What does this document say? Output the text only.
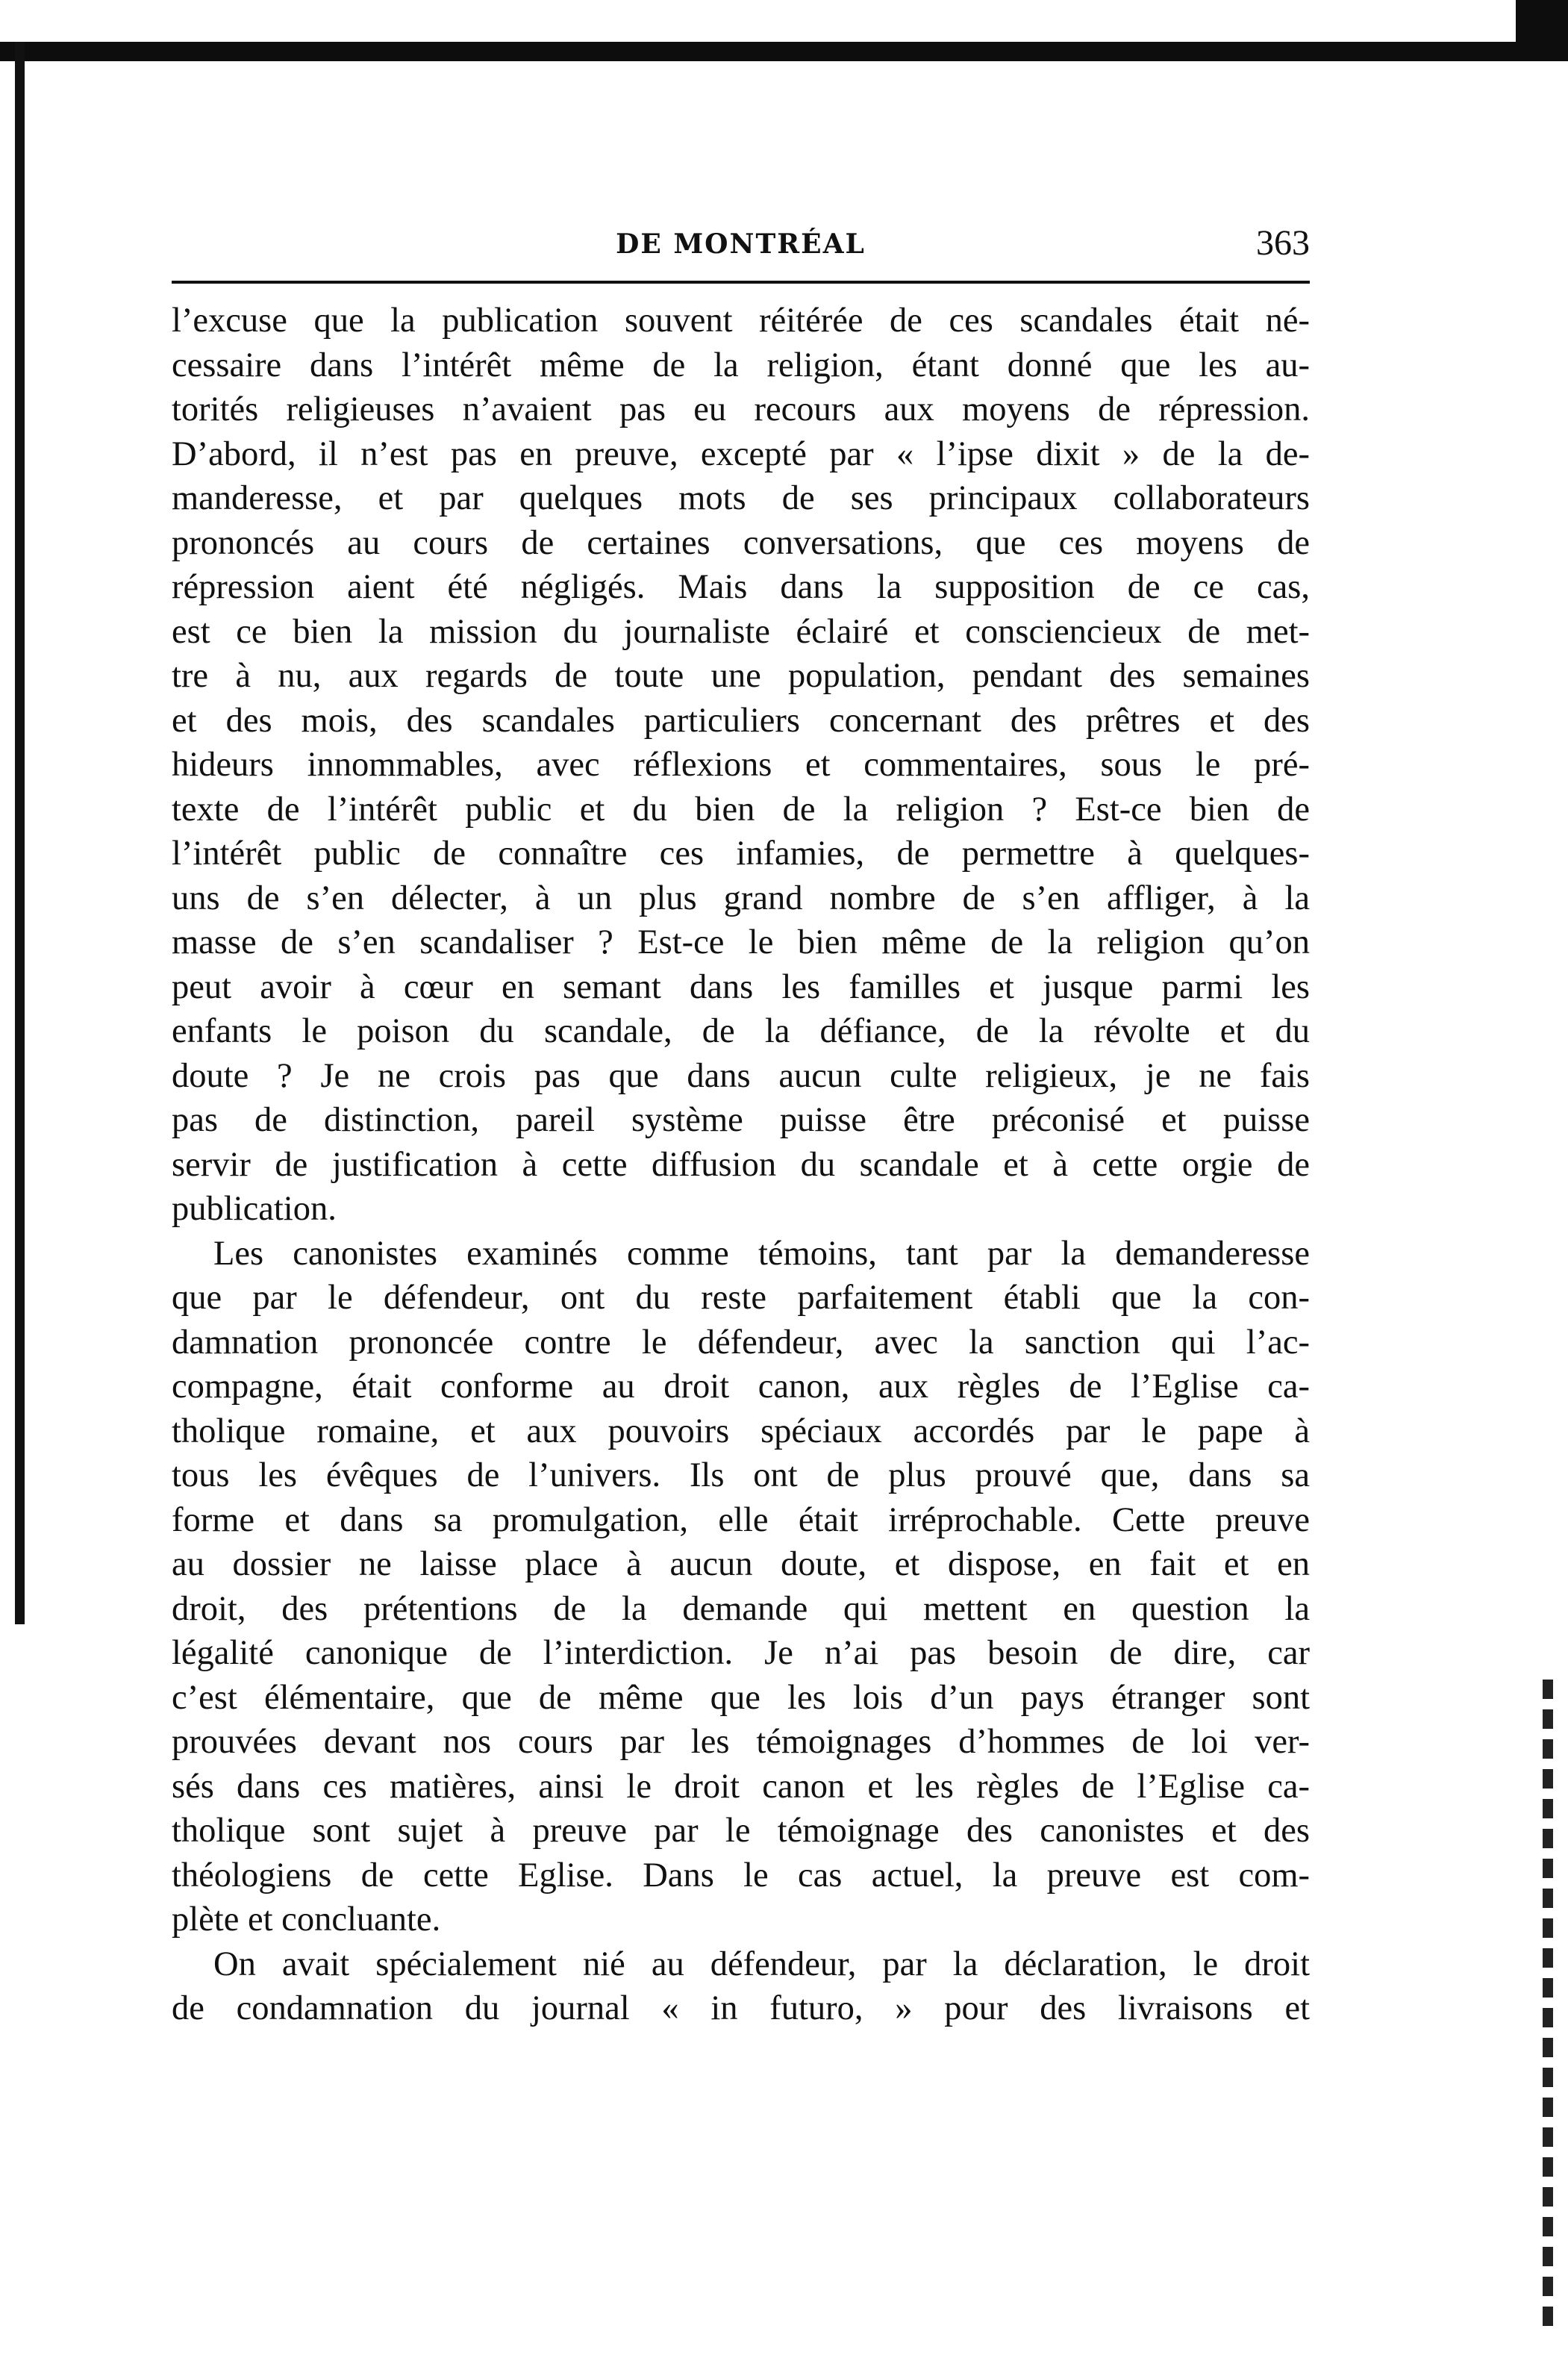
DE MONTRÉAL	363
l’excuse que la publication souvent réitérée de ces scandales était né-
cessaire dans l’intérêt même de la religion, étant donné que les au-
torités religieuses n’avaient pas eu recours aux moyens de répression.
D’abord, il n’est pas en preuve, excepté par « l’ipse dixit » de la de-
manderesse, et par quelques mots de ses principaux collaborateurs
prononcés au cours de certaines conversations, que ces moyens de
répression aient été négligés. Mais dans la supposition de ce cas,
est ce bien la mission du journaliste éclairé et consciencieux de met-
tre à nu, aux regards de toute une population, pendant des semaines
et des mois, des scandales particuliers concernant des prêtres et des
hideurs innommables, avec réflexions et commentaires, sous le pré-
texte de l’intérêt public et du bien de la religion ? Est-ce bien de
l’intérêt public de connaître ces infamies, de permettre à quelques-
uns de s’en délecter, à un plus grand nombre de s’en affliger, à la
masse de s’en scandaliser ? Est-ce le bien même de la religion qu’on
peut avoir à cœur en semant dans les familles et jusque parmi les
enfants le poison du scandale, de la défiance, de la révolte et du
doute ? Je ne crois pas que dans aucun culte religieux, je ne fais
pas de distinction, pareil système puisse être préconisé et puisse
servir de justification à cette diffusion du scandale et à cette orgie de
publication.
Les canonistes examinés comme témoins, tant par la demanderesse
que par le défendeur, ont du reste parfaitement établi que la con-
damnation prononcée contre le défendeur, avec la sanction qui l’ac-
compagne, était conforme au droit canon, aux règles de l’Eglise ca-
tholique romaine, et aux pouvoirs spéciaux accordés par le pape à
tous les évêques de l’univers. Ils ont de plus prouvé que, dans sa
forme et dans sa promulgation, elle était irréprochable. Cette preuve
au dossier ne laisse place à aucun doute, et dispose, en fait et en
droit, des prétentions de la demande qui mettent en question la
légalité canonique de l’interdiction. Je n’ai pas besoin de dire, car
c’est élémentaire, que de même que les lois d’un pays étranger sont
prouvées devant nos cours par les témoignages d’hommes de loi ver-
sés dans ces matières, ainsi le droit canon et les règles de l’Eglise ca-
tholique sont sujet à preuve par le témoignage des canonistes et des
théologiens de cette Eglise. Dans le cas actuel, la preuve est com-
plète et concluante.
On avait spécialement nié au défendeur, par la déclaration, le droit
de condamnation du journal « in futuro, » pour des livraisons et
